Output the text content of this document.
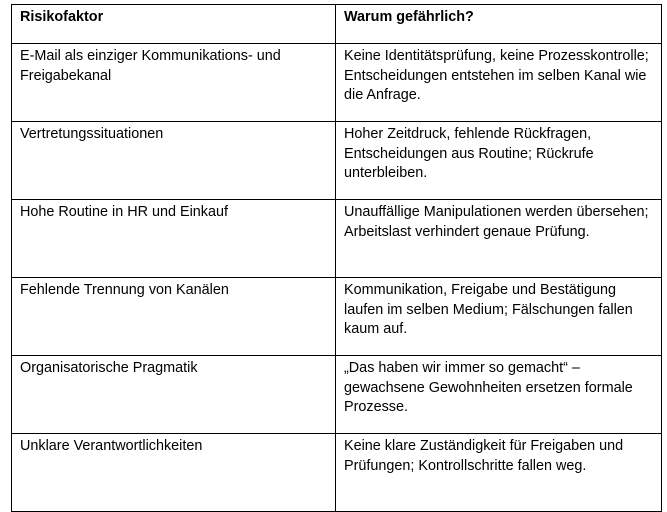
Risikofaktor	Warum gefährlich?
E-Mail als einziger Kommunikations- und Freigabekanal	Keine Identitätsprüfung, keine Prozesskontrolle; Entscheidungen entstehen im selben Kanal wie die Anfrage.
Vertretungssituationen	Hoher Zeitdruck, fehlende Rückfragen, Entscheidungen aus Routine; Rückrufe unterbleiben.
Hohe Routine in HR und Einkauf	Unauffällige Manipulationen werden übersehen; Arbeitslast verhindert genaue Prüfung.
Fehlende Trennung von Kanälen	Kommunikation, Freigabe und Bestätigung laufen im selben Medium; Fälschungen fallen kaum auf.
Organisatorische Pragmatik	„Das haben wir immer so gemacht“ – gewachsene Gewohnheiten ersetzen formale Prozesse.
Unklare Verantwortlichkeiten	Keine klare Zuständigkeit für Freigaben und Prüfungen; Kontrollschritte fallen weg.
